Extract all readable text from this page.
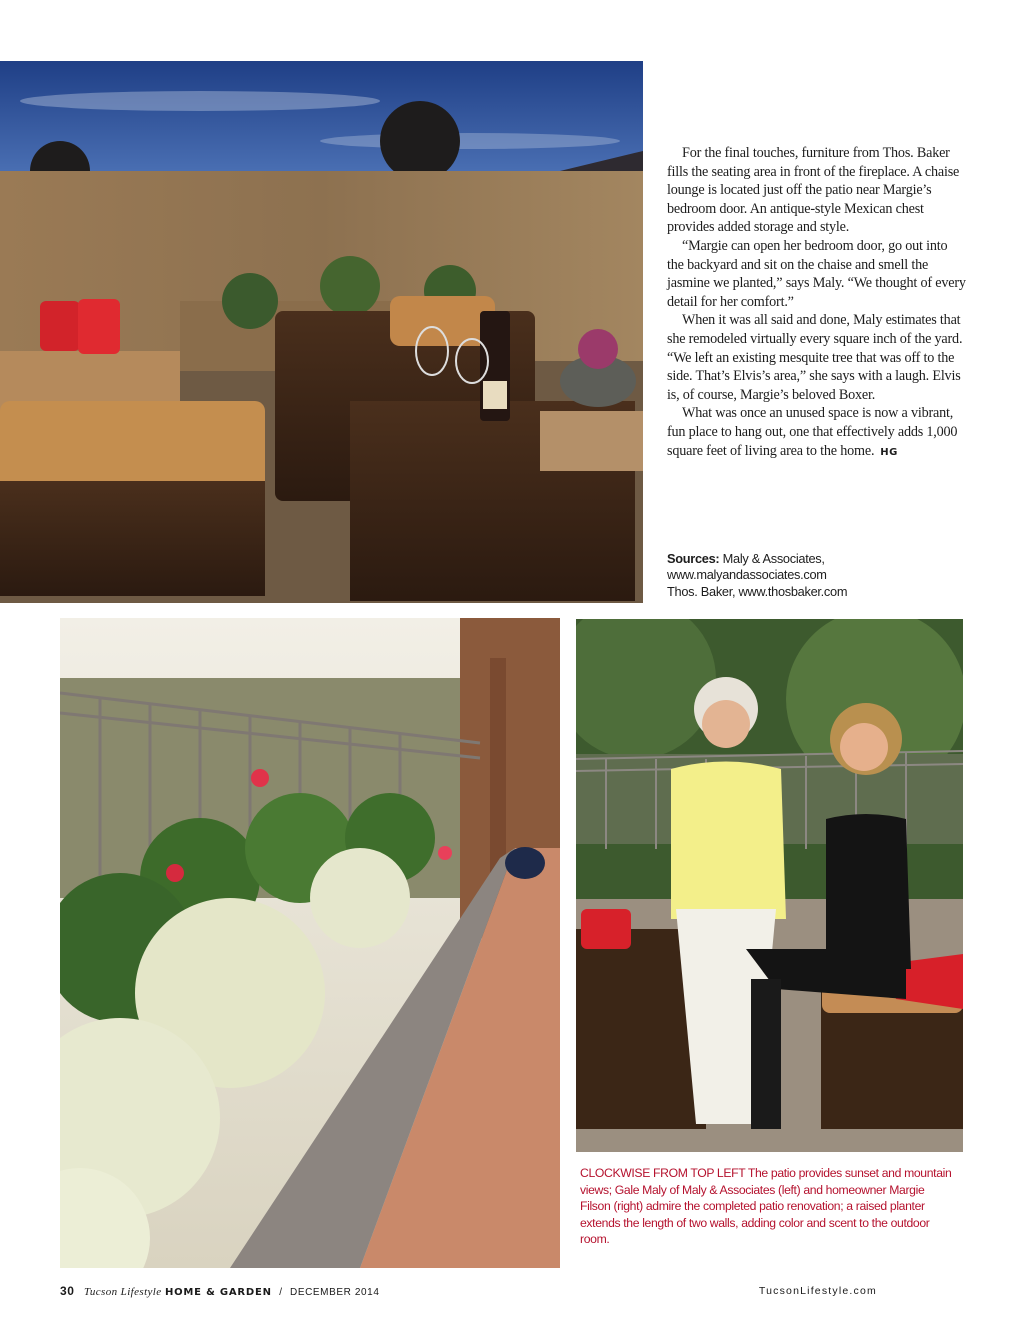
For the final touches, furniture from Thos. Baker fills the seating area in front of the fireplace. A chaise lounge is located just off the patio near Margie’s bedroom door. An antique-style Mexican chest provides added storage and style.

“Margie can open her bedroom door, go out into the backyard and sit on the chaise and smell the jasmine we planted,” says Maly. “We thought of every detail for her comfort.”

When it was all said and done, Maly estimates that she remodeled virtually every square inch of the yard. “We left an existing mesquite tree that was off to the side. That’s Elvis’s area,” she says with a laugh. Elvis is, of course, Margie’s beloved Boxer.

What was once an unused space is now a vibrant, fun place to hang out, one that effectively adds 1,000 square feet of living area to the home. HG

Sources: Maly & Associates, www.malyandassociates.com

Thos. Baker, www.thosbaker.com

CLOCKWISE FROM TOP LEFT The patio provides sunset and mountain views; Gale Maly of Maly & Associates (left) and homeowner Margie Filson (right) admire the completed patio renovation; a raised planter extends the length of two walls, adding color and scent to the outdoor room.
30 Tucson Lifestyle HOME & GARDEN / DECEMBER 2014	TucsonLifestyle.com
